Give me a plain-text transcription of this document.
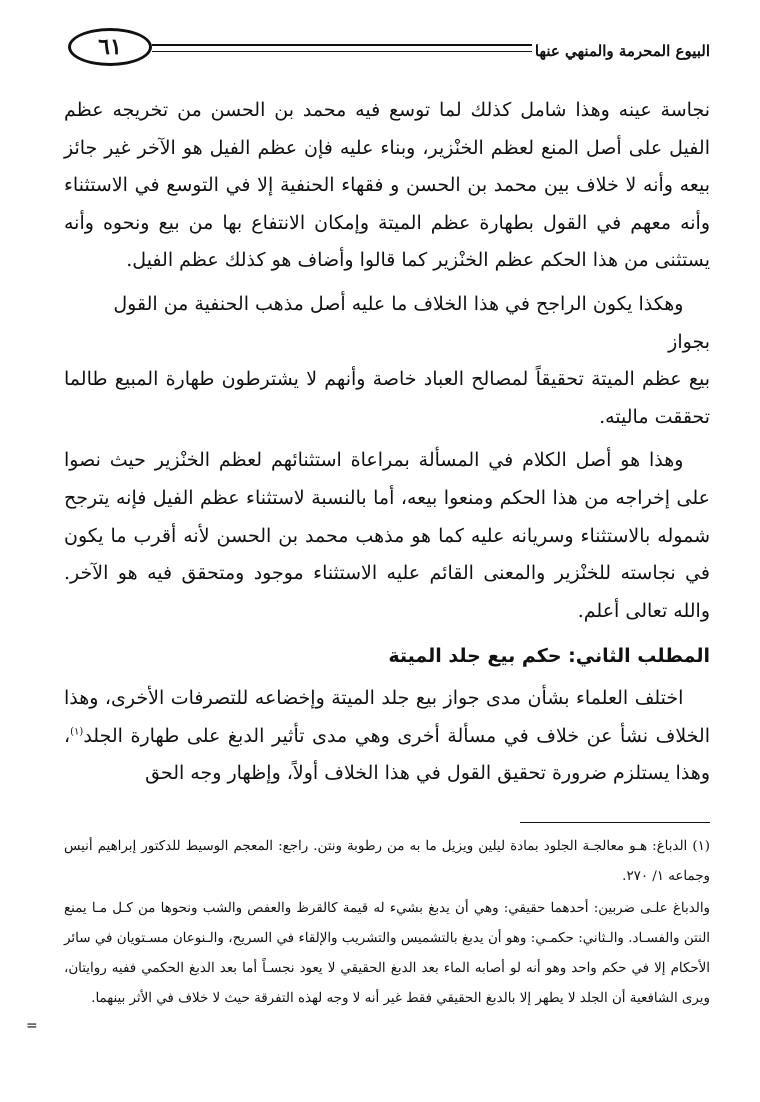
٦١	البيوع المحرمة والمنهي عنها

نجاسة عينه وهذا شامل كذلك لما توسع فيه محمد بن الحسن من تخريجه عظم الفيل على أصل المنع لعظم الخنْزير، وبناء عليه فإن عظم الفيل هو الآخر غير جائز بيعه وأنه لا خلاف بين محمد بن الحسن و فقهاء الحنفية إلا في التوسع في الاستثناء وأنه معهم في القول بطهارة عظم الميتة وإمكان الانتفاع بها من بيع ونحوه وأنه يستثنى من هذا الحكم عظم الخنْزير كما قالوا وأضاف هو كذلك عظم الفيل.

وهكذا يكون الراجح في هذا الخلاف ما عليه أصل مذهب الحنفية من القول

بجواز

بيع عظم الميتة تحقيقاً لمصالح العباد خاصة وأنهم لا يشترطون طهارة المبيع طالما تحققت ماليته.

وهذا هو أصل الكلام في المسألة بمراعاة استثنائهم لعظم الخنْزير حيث نصوا على إخراجه من هذا الحكم ومنعوا بيعه، أما بالنسبة لاستثناء عظم الفيل فإنه يترجح شموله بالاستثناء وسريانه عليه كما هو مذهب محمد بن الحسن لأنه أقرب ما يكون في نجاسته للخنْزير والمعنى القائم عليه الاستثناء موجود ومتحقق فيه هو الآخر. والله تعالى أعلم.

المطلب الثاني: حكم بيع جلد الميتة

اختلف العلماء بشأن مدى جواز بيع جلد الميتة وإخضاعه للتصرفات الأخرى، وهذا الخلاف نشأ عن خلاف في مسألة أخرى وهي مدى تأثير الدبغ على طهارة الجلد$^{(١)}$، وهذا يستلزم ضرورة تحقيق القول في هذا الخلاف أولاً، وإظهار وجه الحق

(١) الدباغ: هـو معالجـة الجلود بمادة ليلين ويزيل ما به من رطوبة ونتن. راجع: المعجم الوسيط للدكتور إبراهيم أنيس وجماعه ١/ ٢٧٠.

والدباغ علـى ضربين: أحدهما حقيقي: وهي أن يدبغ بشيء له قيمة كالقرظ والعفص والشب ونحوها من كـل مـا يمنع النتن والفسـاد. والـثاني: حكمـي: وهو أن يدبغ بالتشميس والتشريب والإلقاء في السريح، والـنوعان مسـتويان في سائر الأحكام إلا في حكم واحد وهو أنه لو أصابه الماء بعد الدبغ الحقيقي لا يعود نجسـاً أما بعد الدبغ الحكمي ففيه روايتان، ويرى الشافعية أن الجلد لا يطهر إلا بالدبغ الحقيقي فقط غير أنه لا وجه لهذه التفرقة حيث لا خلاف في الأثر بينهما.

=
